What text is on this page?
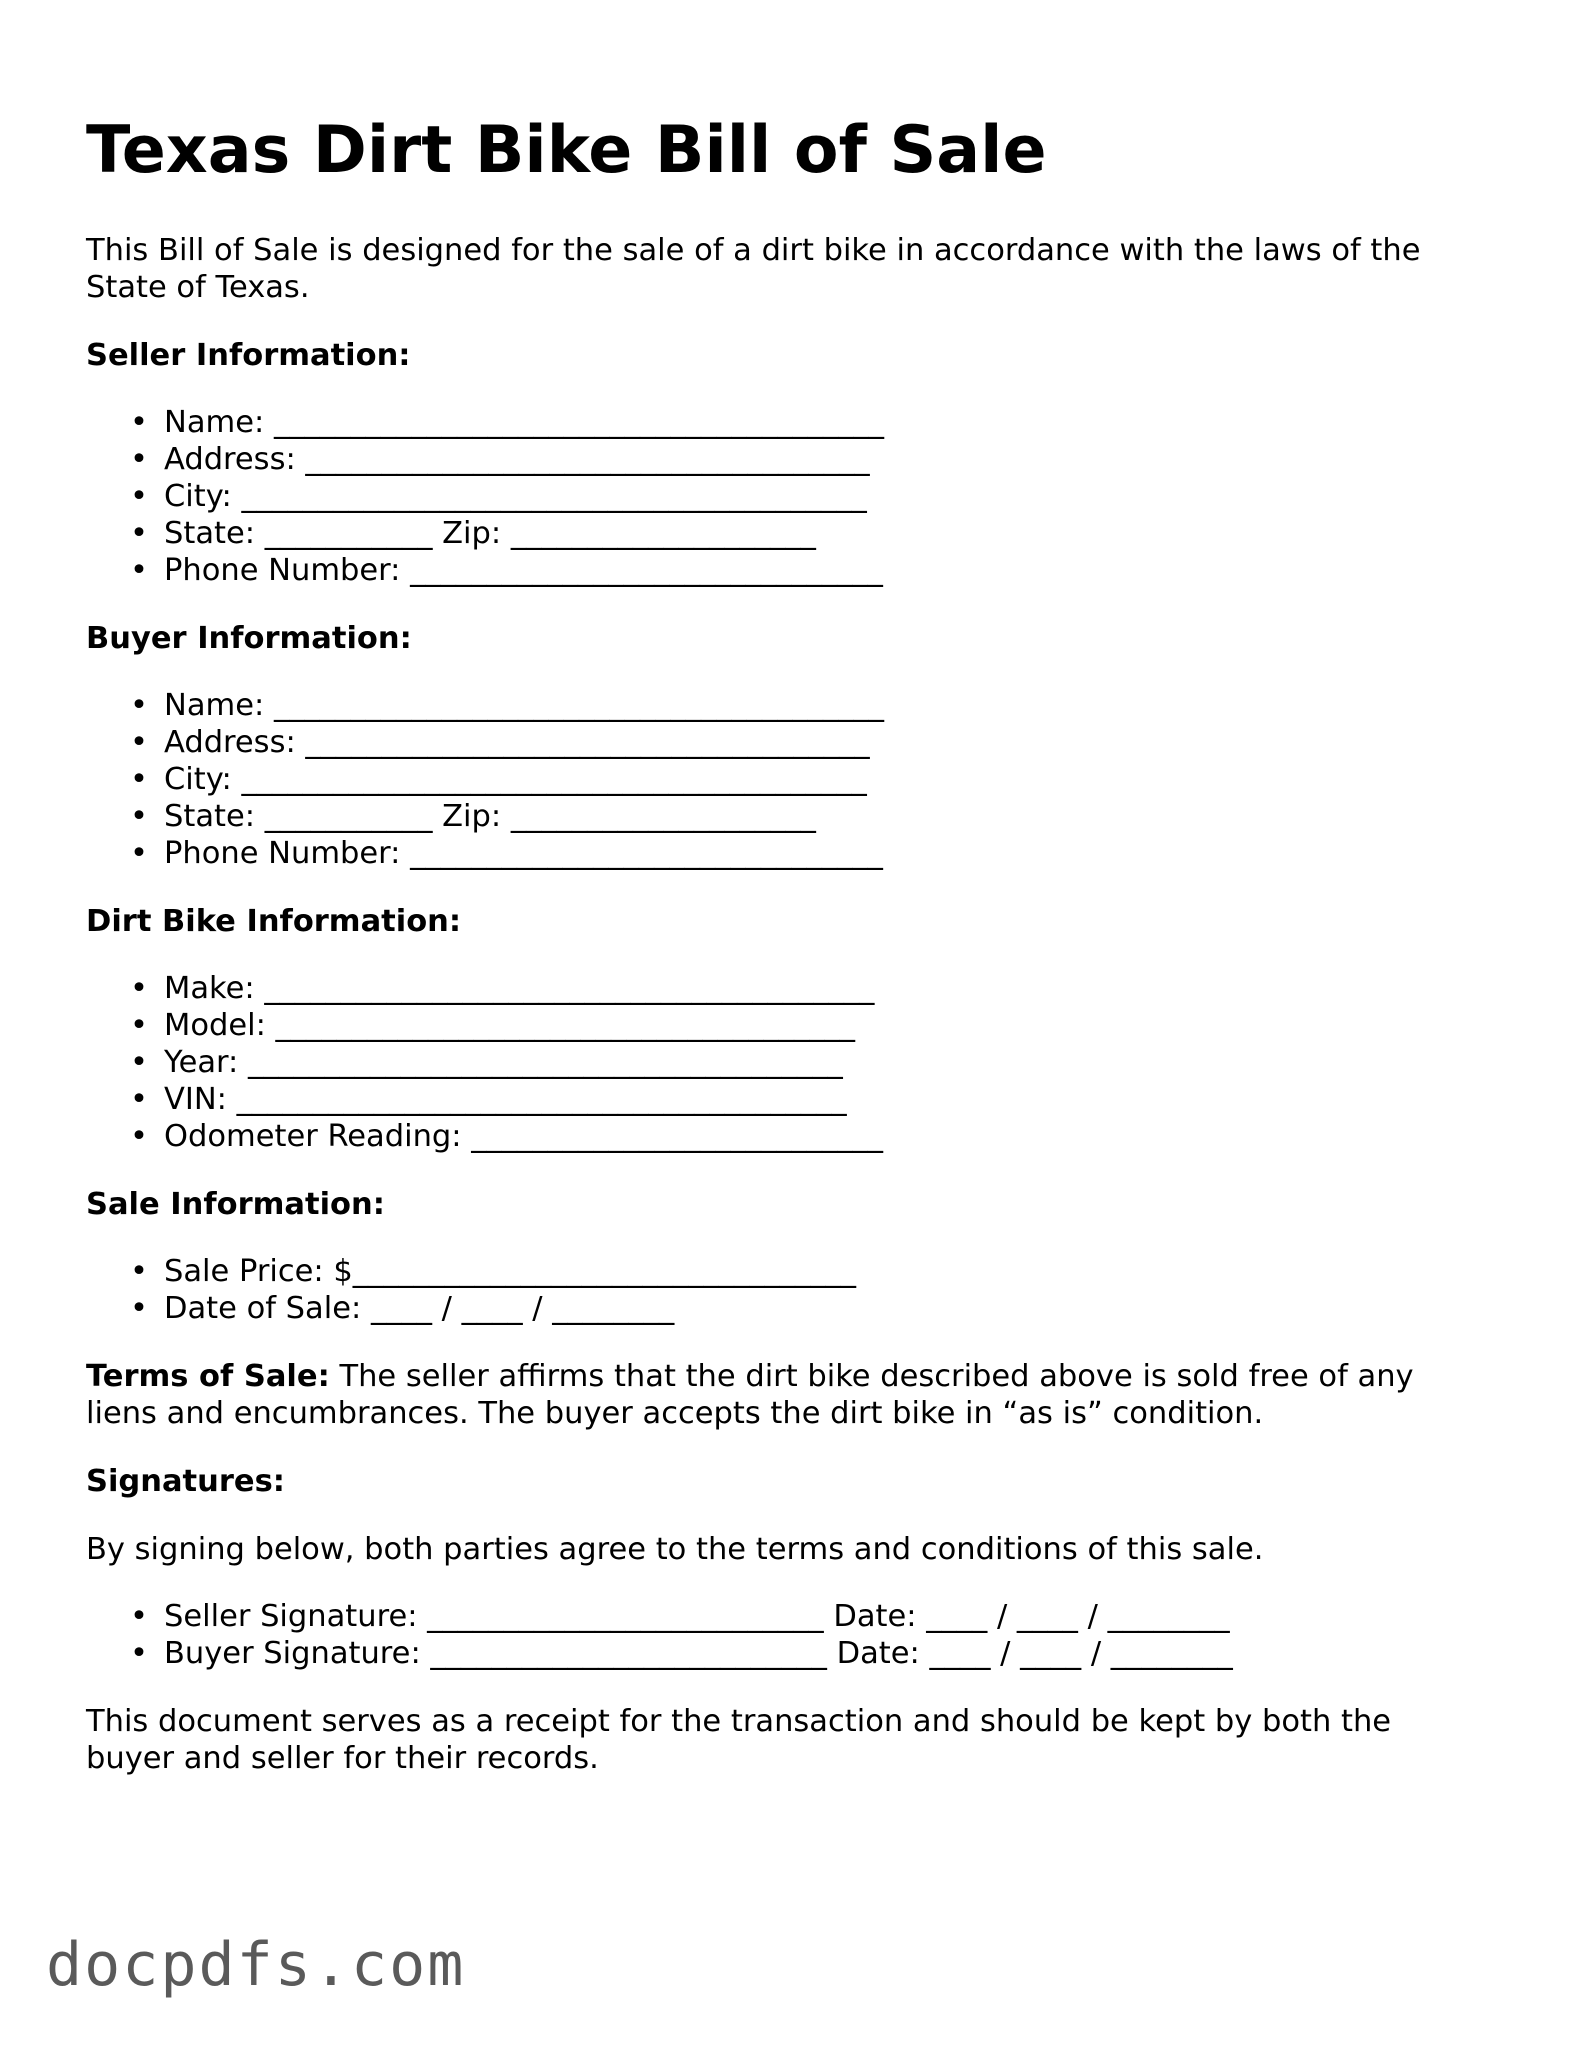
Texas Dirt Bike Bill of Sale

This Bill of Sale is designed for the sale of a dirt bike in accordance with the laws of the State of Texas.

Seller Information:
• Name: ________________________________________
• Address: _____________________________________
• City: _________________________________________
• State: ___________ Zip: ____________________
• Phone Number: _______________________________
Buyer Information:
• Name: ________________________________________
• Address: _____________________________________
• City: _________________________________________
• State: ___________ Zip: ____________________
• Phone Number: _______________________________
Dirt Bike Information:
• Make: ________________________________________
• Model: ______________________________________
• Year: _______________________________________
• VIN: ________________________________________
• Odometer Reading: ___________________________
Sale Information:
• Sale Price: $_________________________________
• Date of Sale: ____ / ____ / ________

Terms of Sale: The seller affirms that the dirt bike described above is sold free of any liens and encumbrances. The buyer accepts the dirt bike in “as is” condition.

Signatures:

By signing below, both parties agree to the terms and conditions of this sale.

• Seller Signature: __________________________ Date: ____ / ____ / ________
• Buyer Signature: __________________________ Date: ____ / ____ / ________

This document serves as a receipt for the transaction and should be kept by both the buyer and seller for their records.

docpdfs.com
